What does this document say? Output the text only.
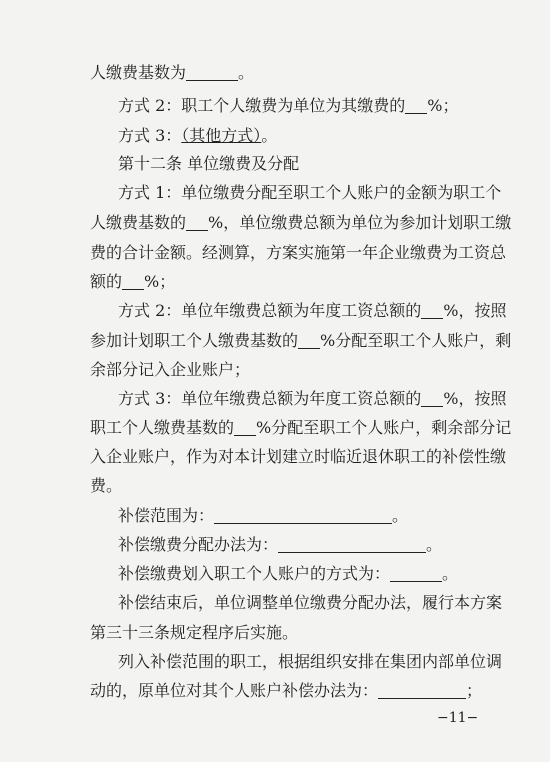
人缴费基数为	。
方式 2：职工个人缴费为单位为其缴费的 %；
方式 3：（其他方式）。
第十二条 单位缴费及分配
方式 1：单位缴费分配至职工个人账户的金额为职工个
人缴费基数的 %，单位缴费总额为单位为参加计划职工缴
费的合计金额。经测算，方案实施第一年企业缴费为工资总
额的 %；
方式 2：单位年缴费总额为年度工资总额的 %，按照
参加计划职工个人缴费基数的 %分配至职工个人账户，剩
余部分记入企业账户；
方式 3：单位年缴费总额为年度工资总额的 %，按照
职工个人缴费基数的 %分配至职工个人账户，剩余部分记
入企业账户，作为对本计划建立时临近退休职工的补偿性缴
费。
补偿范围为：	。
补偿缴费分配办法为：	。
补偿缴费划入职工个人账户的方式为：	。
补偿结束后，单位调整单位缴费分配办法，履行本方案
第三十三条规定程序后实施。
列入补偿范围的职工，根据组织安排在集团内部单位调
动的，原单位对其个人账户补偿办法为：	；
−11−
